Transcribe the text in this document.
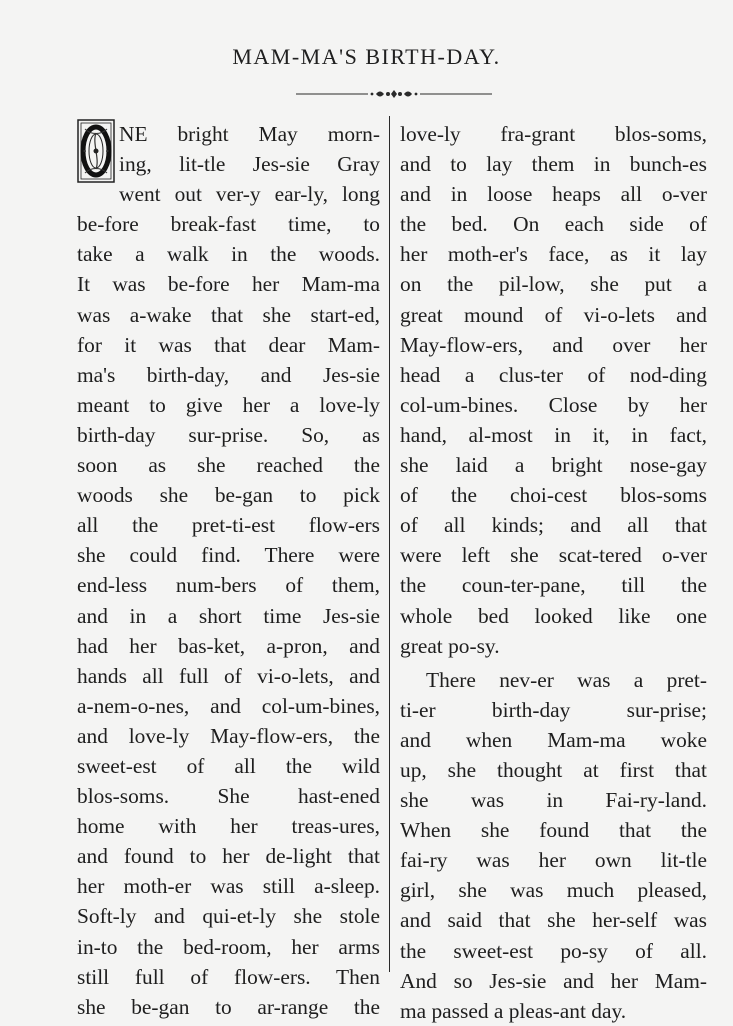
MAM-MA'S BIRTH-DAY.
NE bright May morn-
ing, lit-tle Jes-sie Gray
went out ver-y ear-ly, long
be-fore break-fast time, to
take a walk in the woods.
It was be-fore her Mam-ma
was a-wake that she start-ed,
for it was that dear Mam-
ma's birth-day, and Jes-sie
meant to give her a love-ly
birth-day sur-prise. So, as
soon as she reached the
woods she be-gan to pick
all the pret-ti-est flow-ers
she could find. There were
end-less num-bers of them,
and in a short time Jes-sie
had her bas-ket, a-pron, and
hands all full of vi-o-lets, and
a-nem-o-nes, and col-um-bines,
and love-ly May-flow-ers, the
sweet-est of all the wild
blos-soms. She hast-ened
home with her treas-ures,
and found to her de-light that
her moth-er was still a-sleep.
Soft-ly and qui-et-ly she stole
in-to the bed-room, her arms
still full of flow-ers. Then
she be-gan to ar-range the
love-ly fra-grant blos-soms,
and to lay them in bunch-es
and in loose heaps all o-ver
the bed. On each side of
her moth-er's face, as it lay
on the pil-low, she put a
great mound of vi-o-lets and
May-flow-ers, and over her
head a clus-ter of nod-ding
col-um-bines. Close by her
hand, al-most in it, in fact,
she laid a bright nose-gay
of the choi-cest blos-soms
of all kinds; and all that
were left she scat-tered o-ver
the coun-ter-pane, till the
whole bed looked like one
great po-sy.
There nev-er was a pret-
ti-er birth-day sur-prise;
and when Mam-ma woke
up, she thought at first that
she was in Fai-ry-land.
When she found that the
fai-ry was her own lit-tle
girl, she was much pleased,
and said that she her-self was
the sweet-est po-sy of all.
And so Jes-sie and her Mam-
ma passed a pleas-ant day.
